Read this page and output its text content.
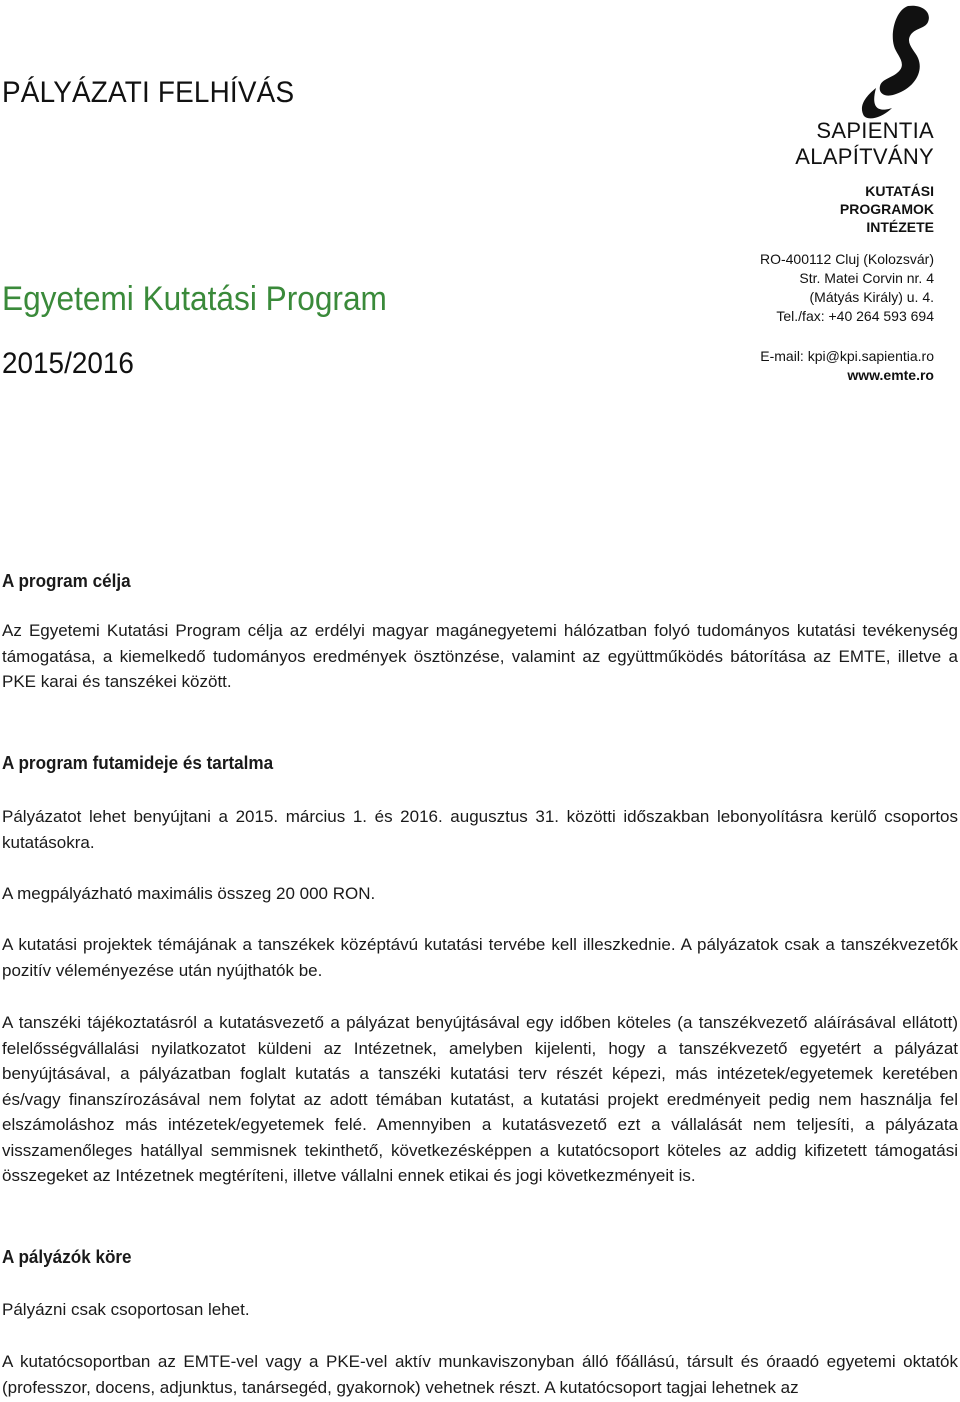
PÁLYÁZATI FELHÍVÁS
Egyetemi Kutatási Program
2015/2016
SAPIENTIA
ALAPÍTVÁNY
KUTATÁSI
PROGRAMOK
INTÉZETE
RO-400112 Cluj (Kolozsvár)
Str. Matei Corvin nr. 4
(Mátyás Király) u. 4.
Tel./fax: +40 264 593 694
E-mail: kpi@kpi.sapientia.ro
www.emte.ro
A program célja

Az Egyetemi Kutatási Program célja az erdélyi magyar magánegyetemi hálózatban folyó tudományos kutatási tevékenység támogatása, a kiemelkedő tudományos eredmények ösztönzése, valamint az együttműködés bátorítása az EMTE, illetve a PKE karai és tanszékei között.

A program futamideje és tartalma

Pályázatot lehet benyújtani a 2015. március 1. és 2016. augusztus 31. közötti időszakban lebonyolításra kerülő csoportos kutatásokra.

A megpályázható maximális összeg 20 000 RON.

A kutatási projektek témájának a tanszékek középtávú kutatási tervébe kell illeszkednie. A pályázatok csak a tanszékvezetők pozitív véleményezése után nyújthatók be.

A tanszéki tájékoztatásról a kutatásvezető a pályázat benyújtásával egy időben köteles (a tanszékvezető aláírásával ellátott) felelősségvállalási nyilatkozatot küldeni az Intézetnek, amelyben kijelenti, hogy a tanszékvezető egyetért a pályázat benyújtásával, a pályázatban foglalt kutatás a tanszéki kutatási terv részét képezi, más intézetek/egyetemek keretében és/vagy finanszírozásával nem folytat az adott témában kutatást, a kutatási projekt eredményeit pedig nem használja fel elszámoláshoz más intézetek/egyetemek felé. Amennyiben a kutatásvezető ezt a vállalását nem teljesíti, a pályázata visszamenőleges hatállyal semmisnek tekinthető, következésképpen a kutatócsoport köteles az addig kifizetett támogatási összegeket az Intézetnek megtéríteni, illetve vállalni ennek etikai és jogi következményeit is.

A pályázók köre

Pályázni csak csoportosan lehet.

A kutatócsoportban az EMTE-vel vagy a PKE-vel aktív munkaviszonyban álló főállású, társult és óraadó egyetemi oktatók (professzor, docens, adjunktus, tanársegéd, gyakornok) vehetnek részt. A kutatócsoport tagjai lehetnek az
